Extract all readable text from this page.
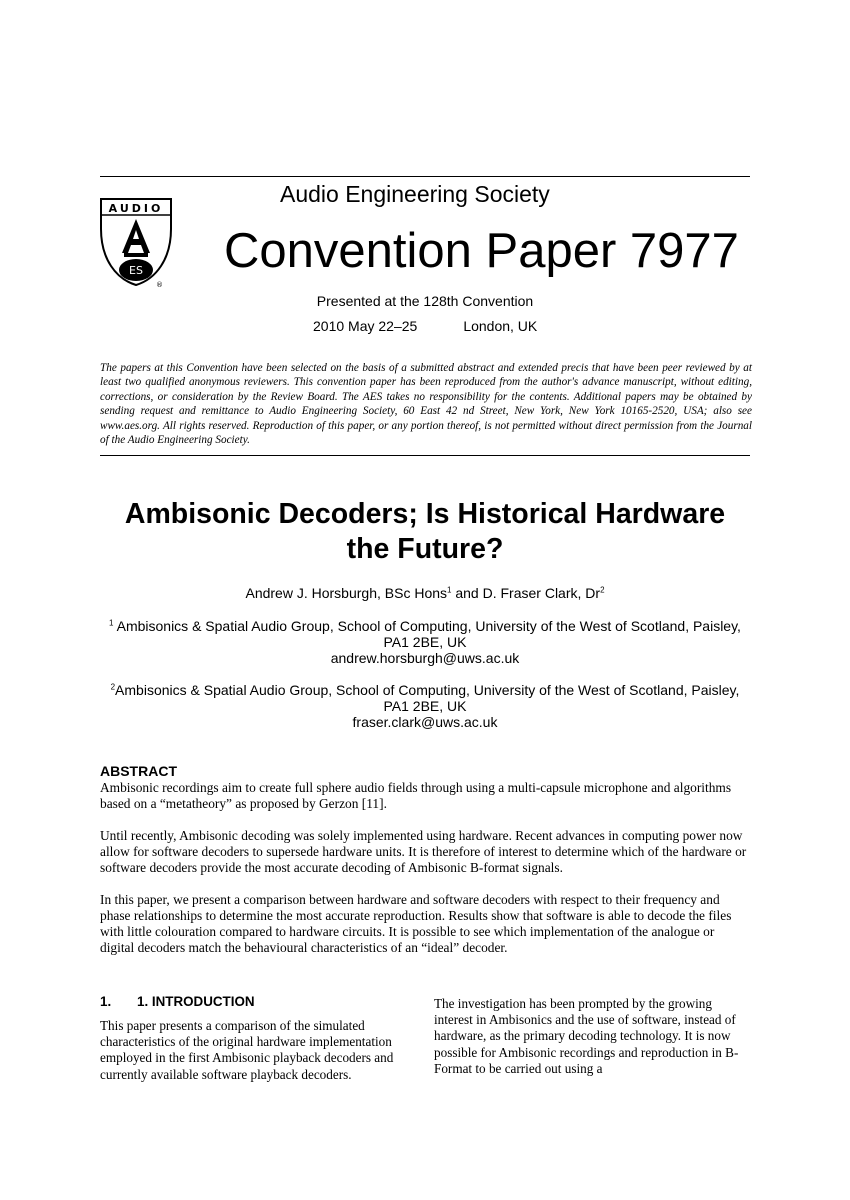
AUDIO
ES
®
Audio Engineering Society
Convention Paper 7977
Presented at the 128th Convention
2010 May 22–25	London, UK
The papers at this Convention have been selected on the basis of a submitted abstract and extended precis that have been peer reviewed by at least two qualified anonymous reviewers. This convention paper has been reproduced from the author's advance manuscript, without editing, corrections, or consideration by the Review Board. The AES takes no responsibility for the contents. Additional papers may be obtained by sending request and remittance to Audio Engineering Society, 60 East 42 nd Street, New York, New York 10165-2520, USA; also see www.aes.org. All rights reserved. Reproduction of this paper, or any portion thereof, is not permitted without direct permission from the Journal of the Audio Engineering Society.
Ambisonic Decoders; Is Historical Hardware
the Future?
Andrew J. Horsburgh, BSc Hons$^1$ and D. Fraser Clark, Dr$^2$
$^1$ Ambisonics & Spatial Audio Group, School of Computing, University of the West of Scotland, Paisley,
PA1 2BE, UK
andrew.horsburgh@uws.ac.uk
$^2$Ambisonics & Spatial Audio Group, School of Computing, University of the West of Scotland, Paisley,
PA1 2BE, UK
fraser.clark@uws.ac.uk
ABSTRACT
Ambisonic recordings aim to create full sphere audio fields through using a multi-capsule microphone and algorithms based on a “metatheory” as proposed by Gerzon [11].
Until recently, Ambisonic decoding was solely implemented using hardware. Recent advances in computing power now allow for software decoders to supersede hardware units. It is therefore of interest to determine which of the hardware or software decoders provide the most accurate decoding of Ambisonic B-format signals.
In this paper, we present a comparison between hardware and software decoders with respect to their frequency and phase relationships to determine the most accurate reproduction. Results show that software is able to decode the files with little colouration compared to hardware circuits. It is possible to see which implementation of the analogue or digital decoders match the behavioural characteristics of an “ideal” decoder.
1. 1. INTRODUCTION
This paper presents a comparison of the simulated characteristics of the original hardware implementation employed in the first Ambisonic playback decoders and currently available software playback decoders.
The investigation has been prompted by the growing interest in Ambisonics and the use of software, instead of hardware, as the primary decoding technology. It is now possible for Ambisonic recordings and reproduction in B-Format to be carried out using a
